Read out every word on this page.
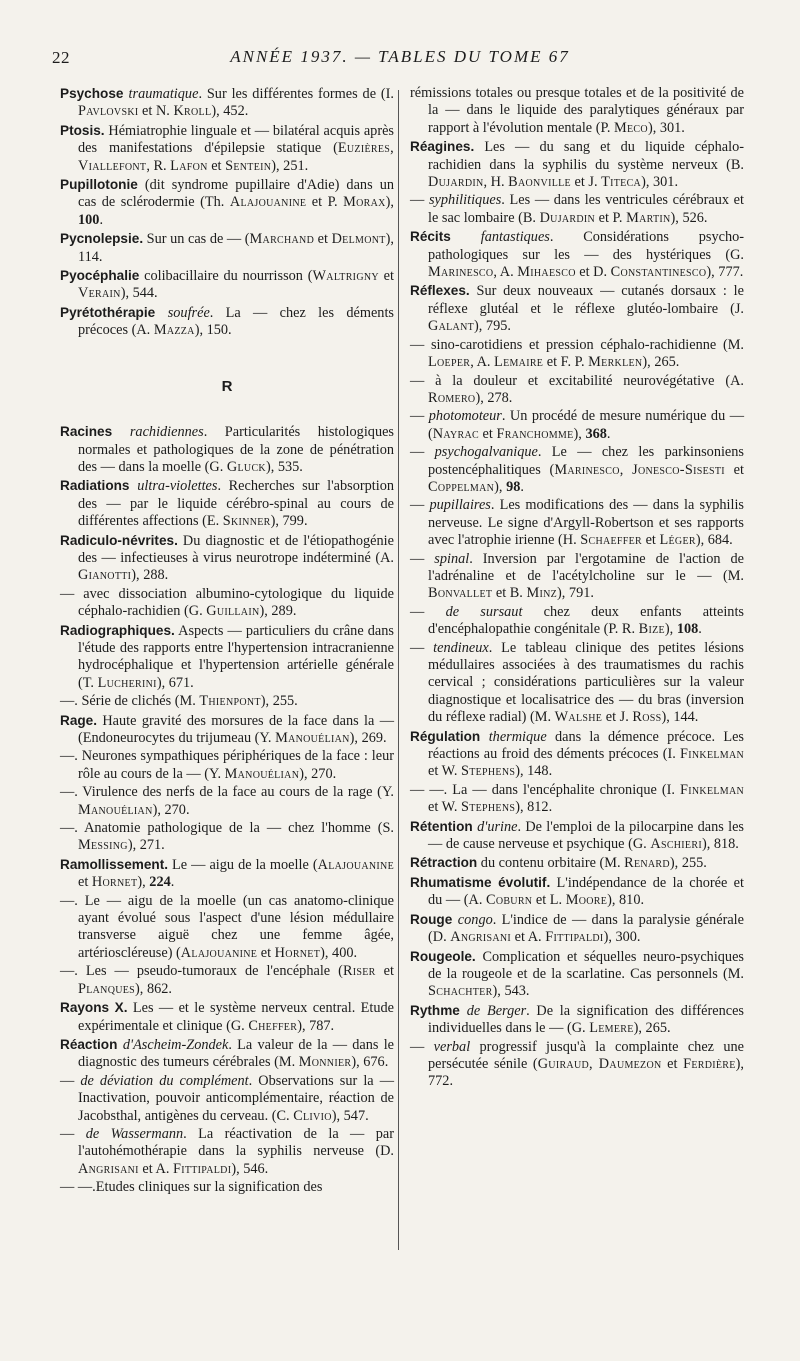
22	ANNÉE 1937. — TABLES DU TOME 67

Psychose traumatique. Sur les différentes formes de (I. Pavlovski et N. Kroll), 452.

Ptosis. Hémiatrophie linguale et — bilatéral acquis après des manifestations d'épilepsie statique (Euzières, Viallefont, R. Lafon et Sentein), 251.

Pupillotonie (dit syndrome pupillaire d'Adie) dans un cas de sclérodermie (Th. Alajouanine et P. Morax), 100.

Pycnolepsie. Sur un cas de — (Marchand et Delmont), 114.

Pyocéphalie colibacillaire du nourrisson (Waltrigny et Verain), 544.

Pyrétothérapie soufrée. La — chez les déments précoces (A. Mazza), 150.

R

Racines rachidiennes. Particularités histologiques normales et pathologiques de la zone de pénétration des — dans la moelle (G. Gluck), 535.

Radiations ultra-violettes. Recherches sur l'absorption des — par le liquide cérébro-spinal au cours de différentes affections (E. Skinner), 799.

Radiculo-névrites. Du diagnostic et de l'étiopathogénie des — infectieuses à virus neurotrope indéterminé (A. Gianotti), 288.

— avec dissociation albumino-cytologique du liquide céphalo-rachidien (G. Guillain), 289.

Radiographiques. Aspects — particuliers du crâne dans l'étude des rapports entre l'hypertension intracranienne hydrocéphalique et l'hypertension artérielle générale (T. Lucherini), 671.

—. Série de clichés (M. Thienpont), 255.

Rage. Haute gravité des morsures de la face dans la — (Endoneurocytes du trijumeau (Y. Manouélian), 269.

—. Neurones sympathiques périphériques de la face : leur rôle au cours de la — (Y. Manouélian), 270.

—. Virulence des nerfs de la face au cours de la rage (Y. Manouélian), 270.

—. Anatomie pathologique de la — chez l'homme (S. Messing), 271.

Ramollissement. Le — aigu de la moelle (Alajouanine et Hornet), 224.

—. Le — aigu de la moelle (un cas anatomo-clinique ayant évolué sous l'aspect d'une lésion médullaire transverse aiguë chez une femme âgée, artérioscléreuse) (Alajouanine et Hornet), 400.

—. Les — pseudo-tumoraux de l'encéphale (Riser et Planques), 862.

Rayons X. Les — et le système nerveux central. Etude expérimentale et clinique (G. Cheffer), 787.

Réaction d'Ascheim-Zondek. La valeur de la — dans le diagnostic des tumeurs cérébrales (M. Monnier), 676.

— de déviation du complément. Observations sur la — Inactivation, pouvoir anticomplémentaire, réaction de Jacobsthal, antigènes du cerveau. (C. Clivio), 547.

— de Wassermann. La réactivation de la — par l'autohémothérapie dans la syphilis nerveuse (D. Angrisani et A. Fittipaldi), 546.

— —.Etudes cliniques sur la signification des

rémissions totales ou presque totales et de la positivité de la — dans le liquide des paralytiques généraux par rapport à l'évolution mentale (P. Meco), 301.

Réagines. Les — du sang et du liquide céphalo-rachidien dans la syphilis du système nerveux (B. Dujardin, H. Baonville et J. Titeca), 301.

— syphilitiques. Les — dans les ventricules cérébraux et le sac lombaire (B. Dujardin et P. Martin), 526.

Récits fantastiques. Considérations psycho-pathologiques sur les — des hystériques (G. Marinesco, A. Mihaesco et D. Constantinesco), 777.

Réflexes. Sur deux nouveaux — cutanés dorsaux : le réflexe glutéal et le réflexe glutéo-lombaire (J. Galant), 795.

— sino-carotidiens et pression céphalo-rachidienne (M. Loeper, A. Lemaire et F. P. Merklen), 265.

— à la douleur et excitabilité neurovégétative (A. Romero), 278.

— photomoteur. Un procédé de mesure numérique du — (Nayrac et Franchomme), 368.

— psychogalvanique. Le — chez les parkinsoniens postencéphalitiques (Marinesco, Jonesco-Sisesti et Coppelman), 98.

— pupillaires. Les modifications des — dans la syphilis nerveuse. Le signe d'Argyll-Robertson et ses rapports avec l'atrophie irienne (H. Schaeffer et Léger), 684.

— spinal. Inversion par l'ergotamine de l'action de l'adrénaline et de l'acétylcholine sur le — (M. Bonvallet et B. Minz), 791.

— de sursaut chez deux enfants atteints d'encéphalopathie congénitale (P. R. Bize), 108.

— tendineux. Le tableau clinique des petites lésions médullaires associées à des traumatismes du rachis cervical ; considérations particulières sur la valeur diagnostique et localisatrice des — du bras (inversion du réflexe radial) (M. Walshe et J. Ross), 144.

Régulation thermique dans la démence précoce. Les réactions au froid des déments précoces (I. Finkelman et W. Stephens), 148.

— —. La — dans l'encéphalite chronique (I. Finkelman et W. Stephens), 812.

Rétention d'urine. De l'emploi de la pilocarpine dans les — de cause nerveuse et psychique (G. Aschieri), 818.

Rétraction du contenu orbitaire (M. Renard), 255.

Rhumatisme évolutif. L'indépendance de la chorée et du — (A. Coburn et L. Moore), 810.

Rouge congo. L'indice de — dans la paralysie générale (D. Angrisani et A. Fittipaldi), 300.

Rougeole. Complication et séquelles neuro-psychiques de la rougeole et de la scarlatine. Cas personnels (M. Schachter), 543.

Rythme de Berger. De la signification des différences individuelles dans le — (G. Lemere), 265.

— verbal progressif jusqu'à la complainte chez une persécutée sénile (Guiraud, Daumezon et Ferdière), 772.
